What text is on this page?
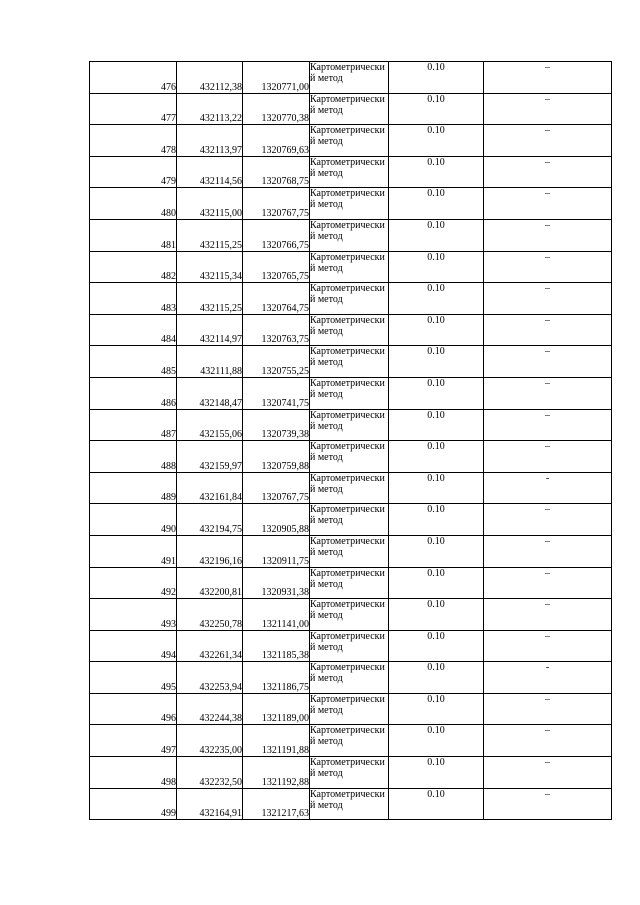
476	432112,38	1320771,00	Картометрический метод	0.10	–
477	432113,22	1320770,38	Картометрический метод	0.10	–
478	432113,97	1320769,63	Картометрический метод	0.10	–
479	432114,56	1320768,75	Картометрический метод	0.10	–
480	432115,00	1320767,75	Картометрический метод	0.10	–
481	432115,25	1320766,75	Картометрический метод	0.10	–
482	432115,34	1320765,75	Картометрический метод	0.10	–
483	432115,25	1320764,75	Картометрический метод	0.10	–
484	432114,97	1320763,75	Картометрический метод	0.10	–
485	432111,88	1320755,25	Картометрический метод	0.10	–
486	432148,47	1320741,75	Картометрический метод	0.10	–
487	432155,06	1320739,38	Картометрический метод	0.10	–
488	432159,97	1320759,88	Картометрический метод	0.10	–
489	432161,84	1320767,75	Картометрический метод	0.10	-
490	432194,75	1320905,88	Картометрический метод	0.10	–
491	432196,16	1320911,75	Картометрический метод	0.10	–
492	432200,81	1320931,38	Картометрический метод	0.10	–
493	432250,78	1321141,00	Картометрический метод	0.10	–
494	432261,34	1321185,38	Картометрический метод	0.10	–
495	432253,94	1321186,75	Картометрический метод	0.10	-
496	432244,38	1321189,00	Картометрический метод	0.10	–
497	432235,00	1321191,88	Картометрический метод	0.10	–
498	432232,50	1321192,88	Картометрический метод	0.10	–
499	432164,91	1321217,63	Картометрический метод	0.10	–
